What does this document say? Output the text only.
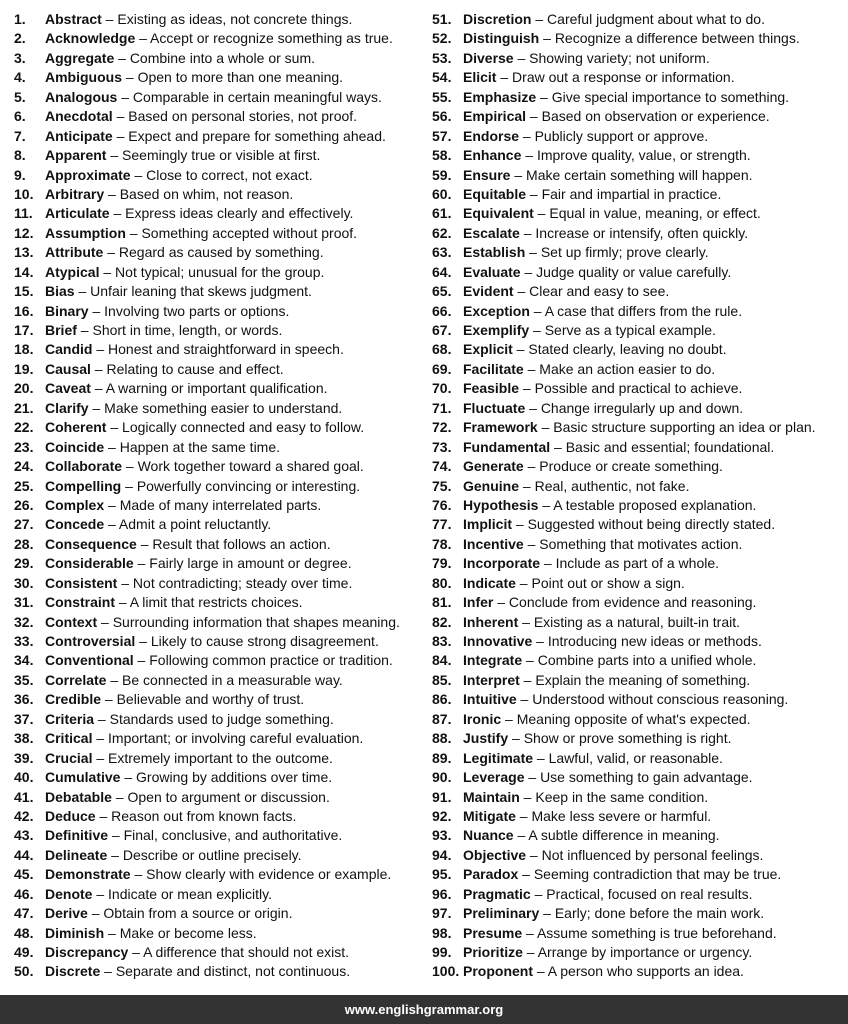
1. Abstract – Existing as ideas, not concrete things.
2. Acknowledge – Accept or recognize something as true.
3. Aggregate – Combine into a whole or sum.
4. Ambiguous – Open to more than one meaning.
5. Analogous – Comparable in certain meaningful ways.
6. Anecdotal – Based on personal stories, not proof.
7. Anticipate – Expect and prepare for something ahead.
8. Apparent – Seemingly true or visible at first.
9. Approximate – Close to correct, not exact.
10. Arbitrary – Based on whim, not reason.
11. Articulate – Express ideas clearly and effectively.
12. Assumption – Something accepted without proof.
13. Attribute – Regard as caused by something.
14. Atypical – Not typical; unusual for the group.
15. Bias – Unfair leaning that skews judgment.
16. Binary – Involving two parts or options.
17. Brief – Short in time, length, or words.
18. Candid – Honest and straightforward in speech.
19. Causal – Relating to cause and effect.
20. Caveat – A warning or important qualification.
21. Clarify – Make something easier to understand.
22. Coherent – Logically connected and easy to follow.
23. Coincide – Happen at the same time.
24. Collaborate – Work together toward a shared goal.
25. Compelling – Powerfully convincing or interesting.
26. Complex – Made of many interrelated parts.
27. Concede – Admit a point reluctantly.
28. Consequence – Result that follows an action.
29. Considerable – Fairly large in amount or degree.
30. Consistent – Not contradicting; steady over time.
31. Constraint – A limit that restricts choices.
32. Context – Surrounding information that shapes meaning.
33. Controversial – Likely to cause strong disagreement.
34. Conventional – Following common practice or tradition.
35. Correlate – Be connected in a measurable way.
36. Credible – Believable and worthy of trust.
37. Criteria – Standards used to judge something.
38. Critical – Important; or involving careful evaluation.
39. Crucial – Extremely important to the outcome.
40. Cumulative – Growing by additions over time.
41. Debatable – Open to argument or discussion.
42. Deduce – Reason out from known facts.
43. Definitive – Final, conclusive, and authoritative.
44. Delineate – Describe or outline precisely.
45. Demonstrate – Show clearly with evidence or example.
46. Denote – Indicate or mean explicitly.
47. Derive – Obtain from a source or origin.
48. Diminish – Make or become less.
49. Discrepancy – A difference that should not exist.
50. Discrete – Separate and distinct, not continuous.
51. Discretion – Careful judgment about what to do.
52. Distinguish – Recognize a difference between things.
53. Diverse – Showing variety; not uniform.
54. Elicit – Draw out a response or information.
55. Emphasize – Give special importance to something.
56. Empirical – Based on observation or experience.
57. Endorse – Publicly support or approve.
58. Enhance – Improve quality, value, or strength.
59. Ensure – Make certain something will happen.
60. Equitable – Fair and impartial in practice.
61. Equivalent – Equal in value, meaning, or effect.
62. Escalate – Increase or intensify, often quickly.
63. Establish – Set up firmly; prove clearly.
64. Evaluate – Judge quality or value carefully.
65. Evident – Clear and easy to see.
66. Exception – A case that differs from the rule.
67. Exemplify – Serve as a typical example.
68. Explicit – Stated clearly, leaving no doubt.
69. Facilitate – Make an action easier to do.
70. Feasible – Possible and practical to achieve.
71. Fluctuate – Change irregularly up and down.
72. Framework – Basic structure supporting an idea or plan.
73. Fundamental – Basic and essential; foundational.
74. Generate – Produce or create something.
75. Genuine – Real, authentic, not fake.
76. Hypothesis – A testable proposed explanation.
77. Implicit – Suggested without being directly stated.
78. Incentive – Something that motivates action.
79. Incorporate – Include as part of a whole.
80. Indicate – Point out or show a sign.
81. Infer – Conclude from evidence and reasoning.
82. Inherent – Existing as a natural, built-in trait.
83. Innovative – Introducing new ideas or methods.
84. Integrate – Combine parts into a unified whole.
85. Interpret – Explain the meaning of something.
86. Intuitive – Understood without conscious reasoning.
87. Ironic – Meaning opposite of what's expected.
88. Justify – Show or prove something is right.
89. Legitimate – Lawful, valid, or reasonable.
90. Leverage – Use something to gain advantage.
91. Maintain – Keep in the same condition.
92. Mitigate – Make less severe or harmful.
93. Nuance – A subtle difference in meaning.
94. Objective – Not influenced by personal feelings.
95. Paradox – Seeming contradiction that may be true.
96. Pragmatic – Practical, focused on real results.
97. Preliminary – Early; done before the main work.
98. Presume – Assume something is true beforehand.
99. Prioritize – Arrange by importance or urgency.
100. Proponent – A person who supports an idea.
www.englishgrammar.org
